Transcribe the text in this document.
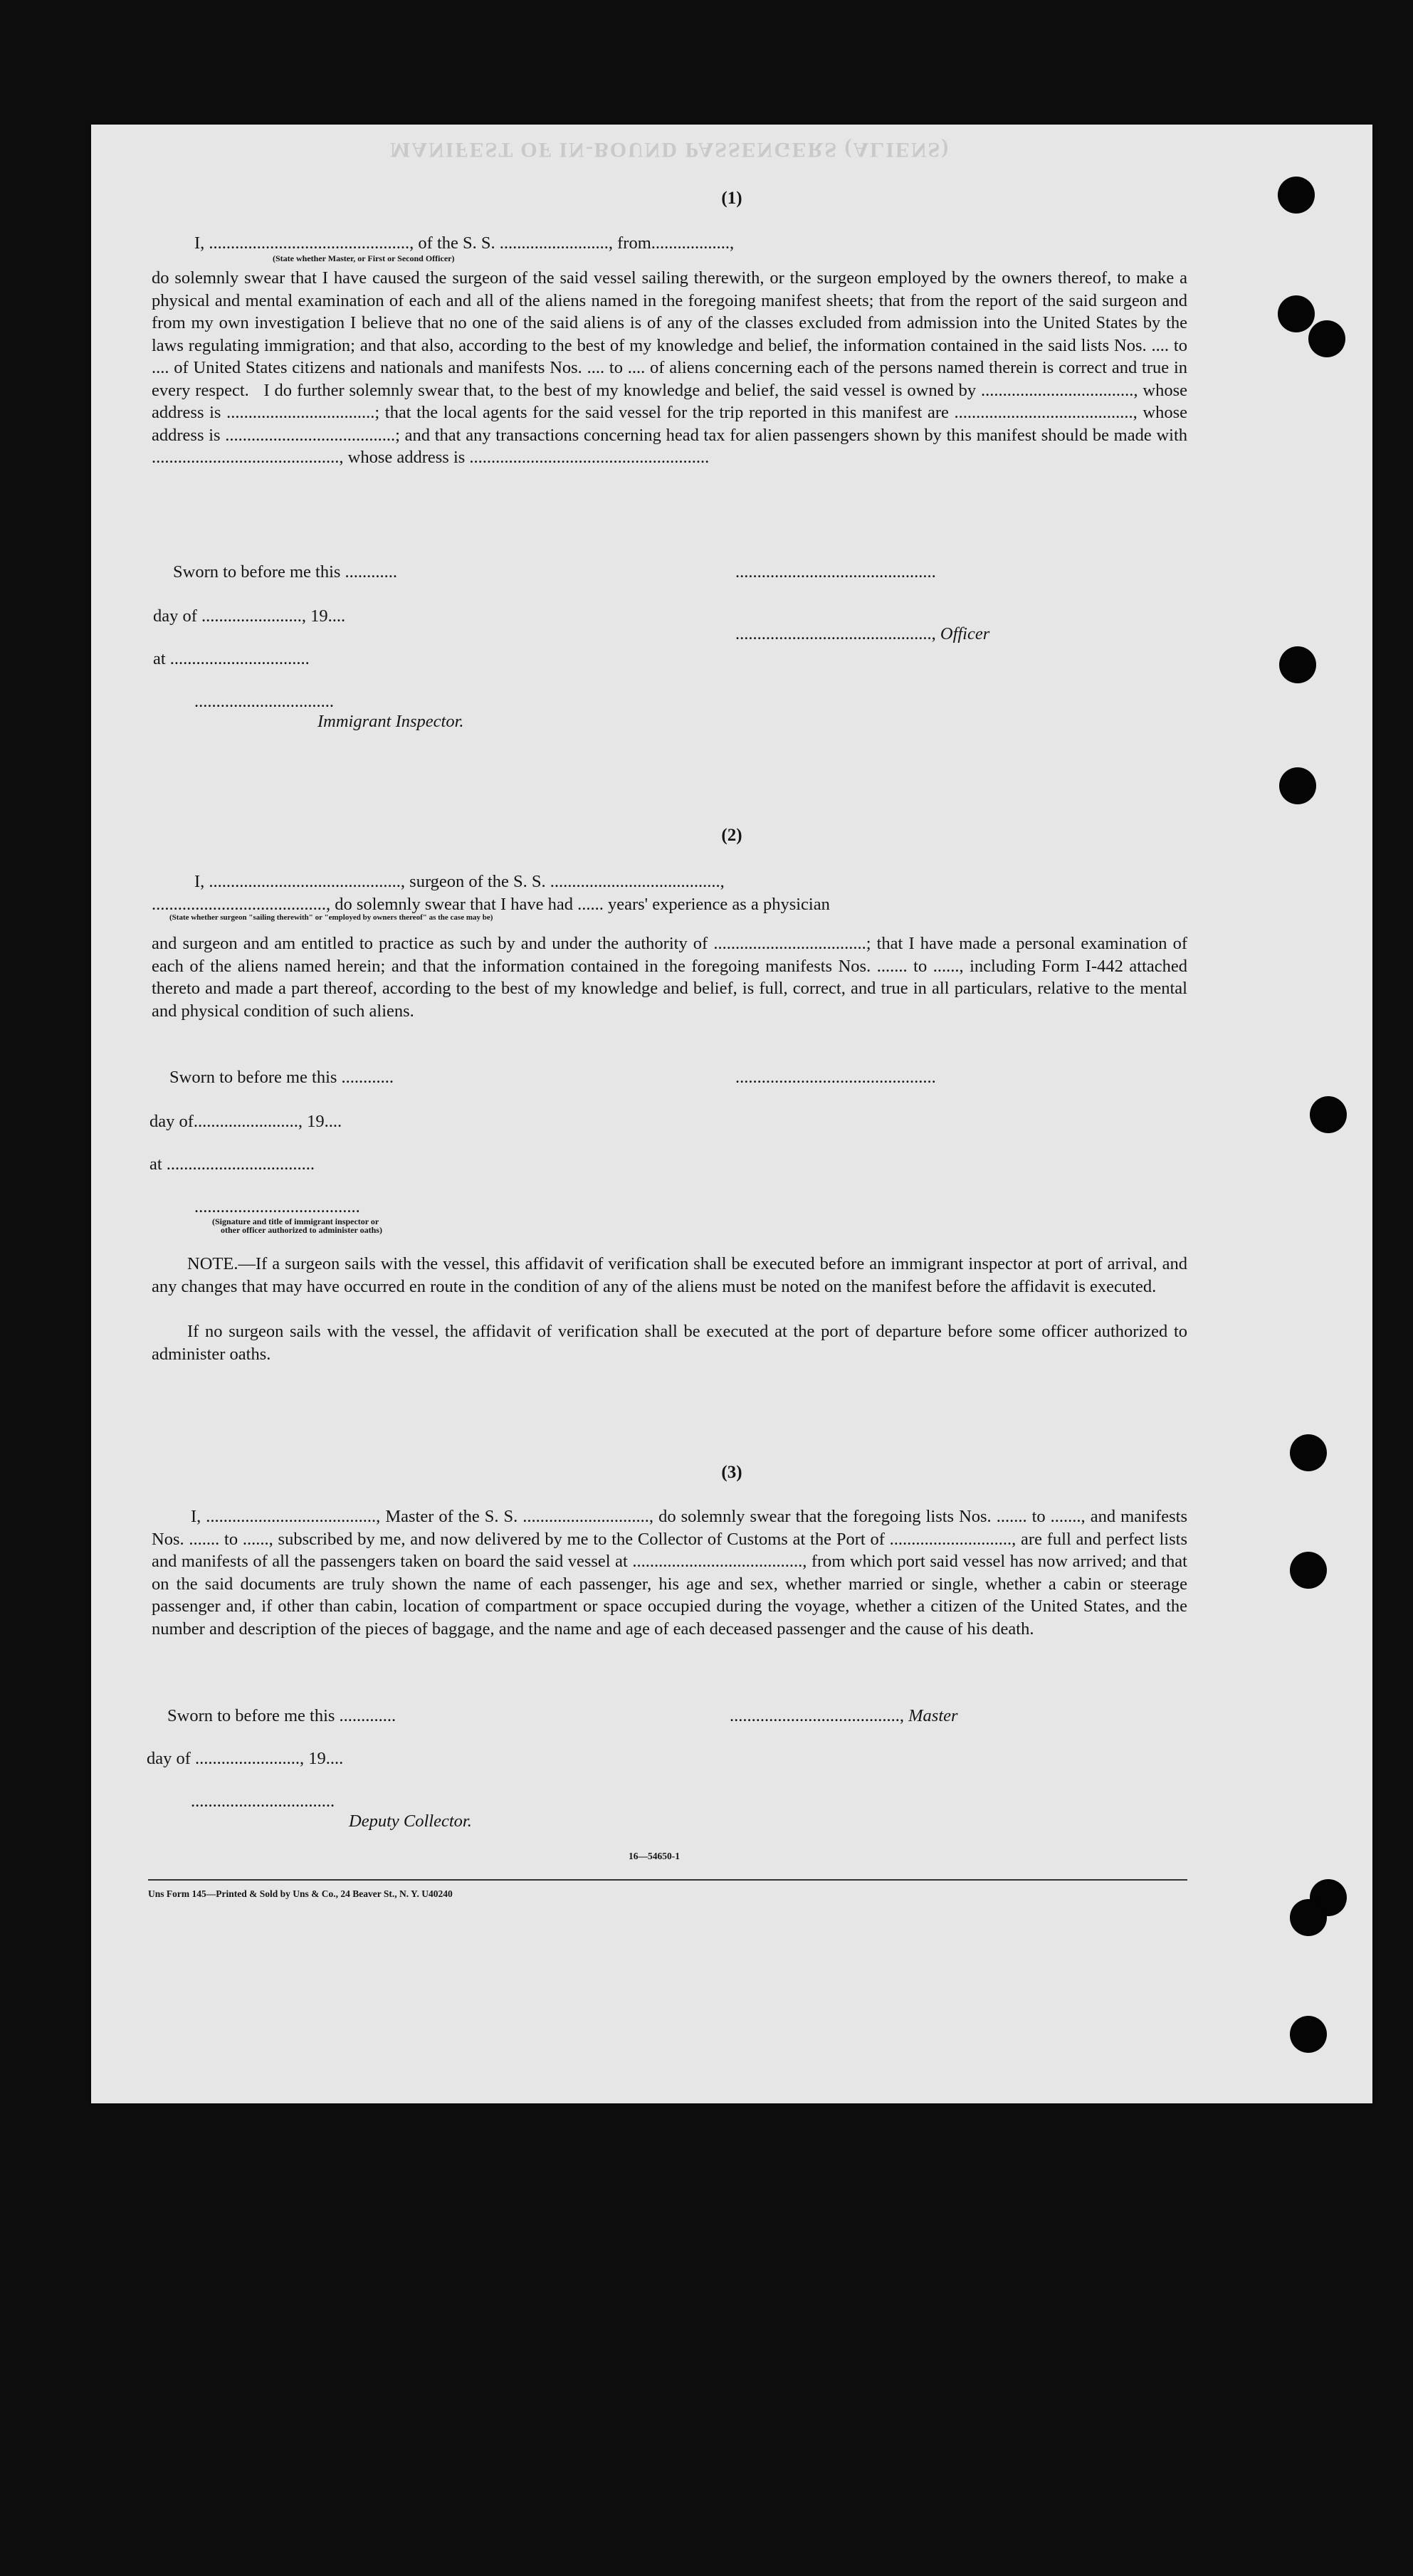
MANIFEST OF IN-BOUND PASSENGERS (ALIENS)
(1)
I, .............................................., of the S. S. ........................., from..................,
(State whether Master, or First or Second Officer)
do solemnly swear that I have caused the surgeon of the said vessel sailing therewith, or the surgeon employed by the owners thereof, to make a physical and mental examination of each and all of the aliens named in the foregoing manifest sheets; that from the report of the said surgeon and from my own investigation I believe that no one of the said aliens is of any of the classes excluded from admission into the United States by the laws regulating immigration; and that also, according to the best of my knowledge and belief, the information contained in the said lists Nos. .... to .... of United States citizens and nationals and manifests Nos. .... to .... of aliens concerning each of the persons named therein is correct and true in every respect.   I do further solemnly swear that, to the best of my knowledge and belief, the said vessel is owned by ..................................., whose address is ..................................; that the local agents for the said vessel for the trip reported in this manifest are ........................................., whose address is .......................................; and that any transactions concerning head tax for alien passengers shown by this manifest should be made with ..........................................., whose address is .......................................................
Sworn to before me this ............	..............................................
day of ......................., 19....
............................................., Officer
at ................................
................................
Immigrant Inspector.
(2)
I, ............................................, surgeon of the S. S. .......................................,
........................................, do solemnly swear that I have had ...... years' experience as a physician
(State whether surgeon "sailing therewith" or "employed by owners thereof" as the case may be)
and surgeon and am entitled to practice as such by and under the authority of ...................................; that I have made a personal examination of each of the aliens named herein; and that the information contained in the foregoing manifests Nos. ....... to ......, including Form I-442 attached thereto and made a part thereof, according to the best of my knowledge and belief, is full, correct, and true in all particulars, relative to the mental and physical condition of such aliens.
Sworn to before me this ............	..............................................
day of........................, 19....
at ..................................
......................................
(Signature and title of immigrant inspector or
other officer authorized to administer oaths)
NOTE.—If a surgeon sails with the vessel, this affidavit of verification shall be executed before an immigrant inspector at port of arrival, and any changes that may have occurred en route in the condition of any of the aliens must be noted on the manifest before the affidavit is executed.
If no surgeon sails with the vessel, the affidavit of verification shall be executed at the port of departure before some officer authorized to administer oaths.
(3)
I, ......................................., Master of the S. S. ............................., do solemnly swear that the foregoing lists Nos. ....... to ......., and manifests Nos. ....... to ......, subscribed by me, and now delivered by me to the Collector of Customs at the Port of ............................, are full and perfect lists and manifests of all the passengers taken on board the said vessel at ......................................., from which port said vessel has now arrived; and that on the said documents are truly shown the name of each passenger, his age and sex, whether married or single, whether a cabin or steerage passenger and, if other than cabin, location of compartment or space occupied during the voyage, whether a citizen of the United States, and the number and description of the pieces of baggage, and the name and age of each deceased passenger and the cause of his death.
Sworn to before me this .............	......................................., Master
day of ........................, 19....
.................................
Deputy Collector.
16—54650-1
Uns Form 145—Printed & Sold by Uns & Co., 24 Beaver St., N. Y. U40240
